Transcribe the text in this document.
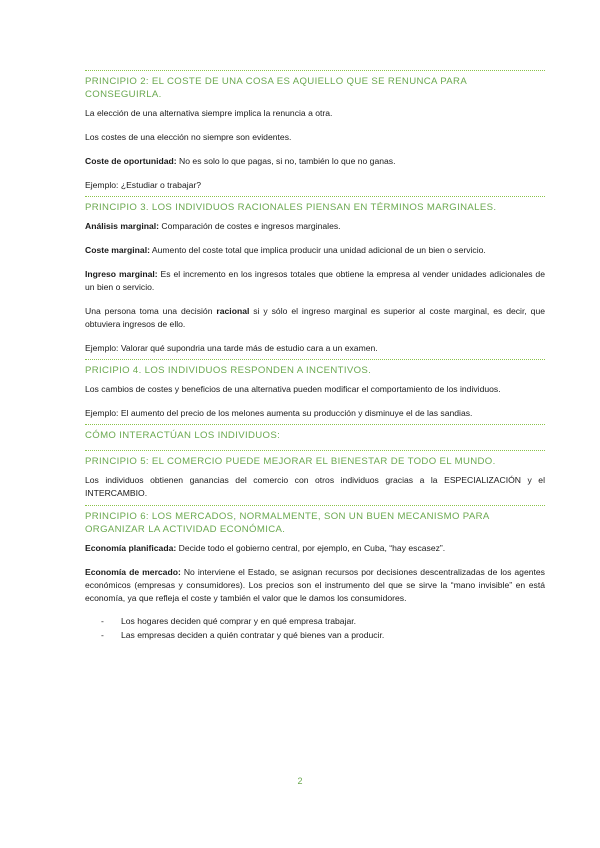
PRINCIPIO 2: EL COSTE DE UNA COSA ES AQUIELLO QUE SE RENUNCA PARA CONSEGUIRLA.

La elección de una alternativa siempre implica la renuncia a otra.

Los costes de una elección no siempre son evidentes.

Coste de oportunidad: No es solo lo que pagas, si no, también lo que no ganas.

Ejemplo: ¿Estudiar o trabajar?

PRINCIPIO 3. LOS INDIVIDUOS RACIONALES PIENSAN EN TÉRMINOS MARGINALES.

Análisis marginal: Comparación de costes e ingresos marginales.

Coste marginal: Aumento del coste total que implica producir una unidad adicional de un bien o servicio.

Ingreso marginal: Es el incremento en los ingresos totales que obtiene la empresa al vender unidades adicionales de un bien o servicio.

Una persona toma una decisión racional si y sólo el ingreso marginal es superior al coste marginal, es decir, que obtuviera ingresos de ello.

Ejemplo: Valorar qué supondria una tarde más de estudio cara a un examen.

PRICIPIO 4. LOS INDIVIDUOS RESPONDEN A INCENTIVOS.

Los cambios de costes y beneficios de una alternativa pueden modificar el comportamiento de los individuos.

Ejemplo: El aumento del precio de los melones aumenta su producción y disminuye el de las sandias.

CÓMO INTERACTÚAN LOS INDIVIDUOS:
PRINCIPIO 5: EL COMERCIO PUEDE MEJORAR EL BIENESTAR DE TODO EL MUNDO.

Los individuos obtienen ganancias del comercio con otros individuos gracias a la ESPECIALIZACIÓN y el INTERCAMBIO.

PRINCIPIO 6: LOS MERCADOS, NORMALMENTE, SON UN BUEN MECANISMO PARA ORGANIZAR LA ACTIVIDAD ECONÓMICA.

Economía planificada: Decide todo el gobierno central, por ejemplo, en Cuba, “hay escasez”.

Economía de mercado: No interviene el Estado, se asignan recursos por decisiones descentralizadas de los agentes económicos (empresas y consumidores). Los precios son el instrumento del que se sirve la “mano invisible” en está economía, ya que refleja el coste y también el valor que le damos los consumidores.

- Los hogares deciden qué comprar y en qué empresa trabajar.
- Las empresas deciden a quién contratar y qué bienes van a producir.
2
